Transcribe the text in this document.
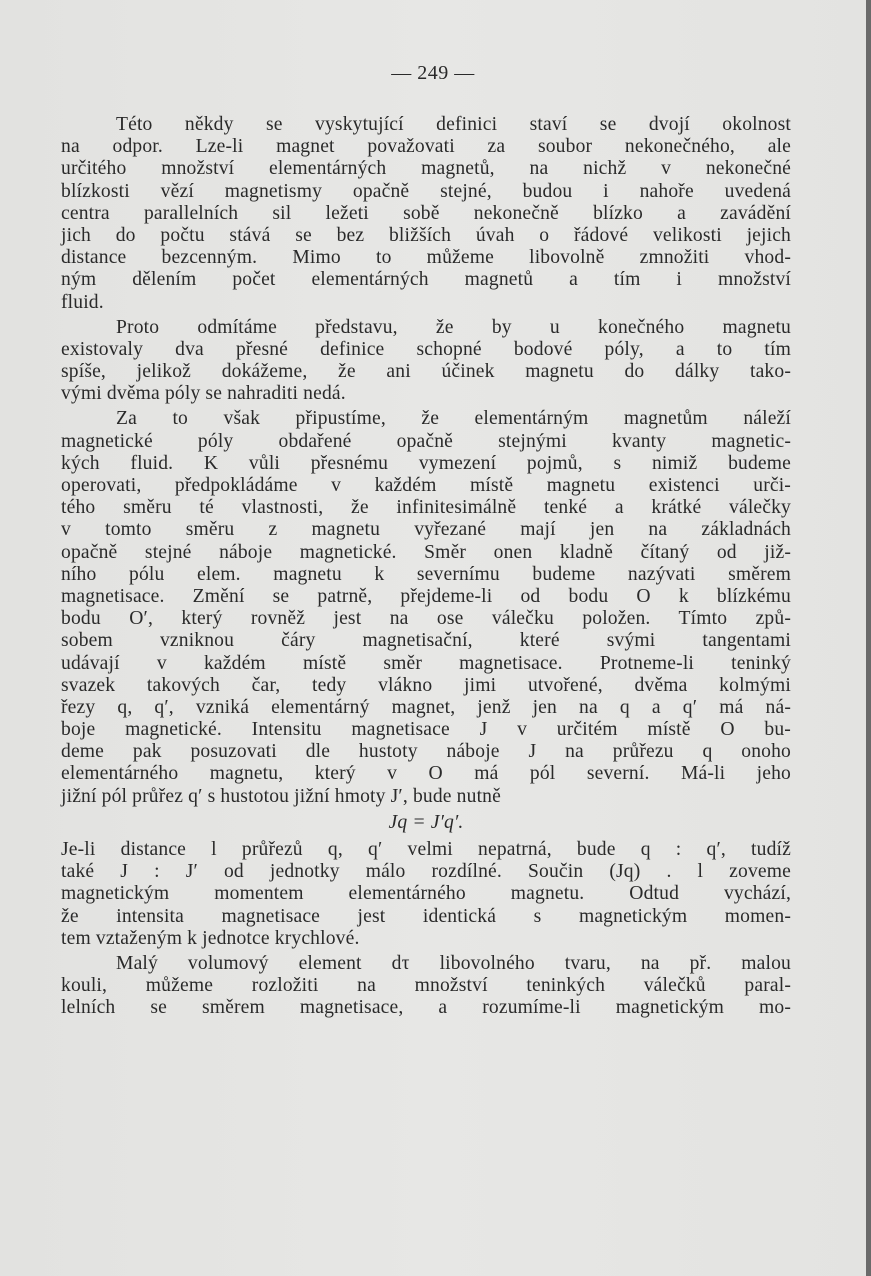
— 249 —
Této někdy se vyskytující definici staví se dvojí okolnost
na odpor. Lze-li magnet považovati za soubor nekonečného, ale
určitého množství elementárných magnetů, na nichž v nekonečné
blízkosti vězí magnetismy opačně stejné, budou i nahoře uvedená
centra parallelních sil ležeti sobě nekonečně blízko a zavádění
jich do počtu stává se bez bližších úvah o řádové velikosti jejich
distance bezcenným. Mimo to můžeme libovolně zmnožiti vhod-
ným dělením počet elementárných magnetů a tím i množství
fluid.
Proto odmítáme představu, že by u konečného magnetu
existovaly dva přesné definice schopné bodové póly, a to tím
spíše, jelikož dokážeme, že ani účinek magnetu do dálky tako-
vými dvěma póly se nahraditi nedá.
Za to však připustíme, že elementárným magnetům náleží
magnetické póly obdařené opačně stejnými kvanty magnetic-
kých fluid. K vůli přesnému vymezení pojmů, s nimiž budeme
operovati, předpokládáme v každém místě magnetu existenci urči-
tého směru té vlastnosti, že infinitesimálně tenké a krátké válečky
v tomto směru z magnetu vyřezané mají jen na základnách
opačně stejné náboje magnetické. Směr onen kladně čítaný od již-
ního pólu elem. magnetu k severnímu budeme nazývati směrem
magnetisace. Změní se patrně, přejdeme-li od bodu O k blízkému
bodu O′, který rovněž jest na ose válečku položen. Tímto způ-
sobem vzniknou čáry magnetisační, které svými tangentami
udávají v každém místě směr magnetisace. Protneme-li teninký
svazek takových čar, tedy vlákno jimi utvořené, dvěma kolmými
řezy q, q′, vzniká elementárný magnet, jenž jen na q a q′ má ná-
boje magnetické. Intensitu magnetisace J v určitém místě O bu-
deme pak posuzovati dle hustoty náboje J na průřezu q onoho
elementárného magnetu, který v O má pól severní. Má-li jeho
jižní pól průřez q′ s hustotou jižní hmoty J′, bude nutně
Jq = J′q′.
Je-li distance l průřezů q, q′ velmi nepatrná, bude q : q′, tudíž
také J : J′ od jednotky málo rozdílné. Součin (Jq) . l zoveme
magnetickým momentem elementárného magnetu. Odtud vychází,
že intensita magnetisace jest identická s magnetickým momen-
tem vztaženým k jednotce krychlové.
Malý volumový element dτ libovolného tvaru, na př. malou
kouli, můžeme rozložiti na množství teninkých válečků paral-
lelních se směrem magnetisace, a rozumíme-li magnetickým mo-
